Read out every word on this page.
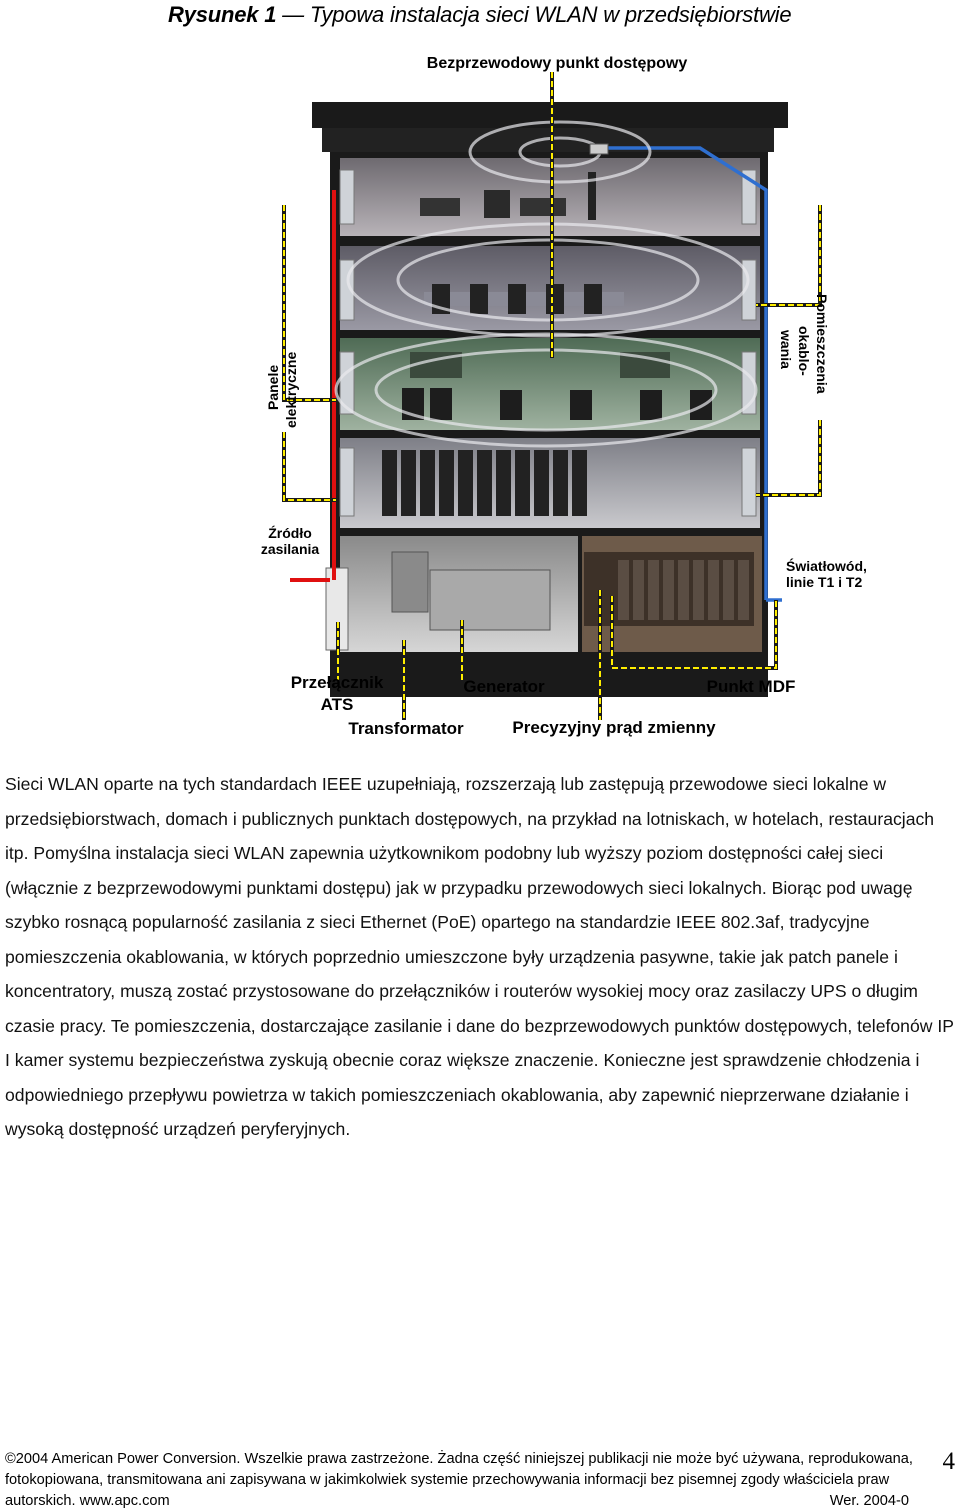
Rysunek 1 — Typowa instalacja sieci WLAN w przedsiębiorstwie
Bezprzewodowy punkt dostępowy
Panele elektryczne	Pomieszczenia
okablo-
wania
Źródło
zasilania
Światłowód,
linie T1 i T2
Przełącznik
ATS
Generator	Punkt MDF
Transformator	Precyzyjny prąd zmienny

Sieci WLAN oparte na tych standardach IEEE uzupełniają, rozszerzają lub zastępują przewodowe sieci lokalne w przedsiębiorstwach, domach i publicznych punktach dostępowych, na przykład na lotniskach, w hotelach, restauracjach itp. Pomyślna instalacja sieci WLAN zapewnia użytkownikom podobny lub wyższy poziom dostępności całej sieci (włącznie z bezprzewodowymi punktami dostępu) jak w przypadku przewodowych sieci lokalnych. Biorąc pod uwagę szybko rosnącą popularność zasilania z sieci Ethernet (PoE) opartego na standardzie IEEE 802.3af, tradycyjne pomieszczenia okablowania, w których poprzednio umieszczone były urządzenia pasywne, takie jak patch panele i koncentratory, muszą zostać przystosowane do przełączników i routerów wysokiej mocy oraz zasilaczy UPS o długim czasie pracy. Te pomieszczenia, dostarczające zasilanie i dane do bezprzewodowych punktów dostępowych, telefonów IP I kamer systemu bezpieczeństwa zyskują obecnie coraz większe znaczenie. Konieczne jest sprawdzenie chłodzenia i odpowiedniego przepływu powietrza w takich pomieszczeniach okablowania, aby zapewnić nieprzerwane działanie i wysoką dostępność urządzeń peryferyjnych.

©2004 American Power Conversion. Wszelkie prawa zastrzeżone. Żadna część niniejszej publikacji nie może być używana, reprodukowana, fotokopiowana, transmitowana ani zapisywana w jakimkolwiek systemie przechowywania informacji bez pisemnej zgody właściciela praw autorskich. www.apc.com	Wer. 2004-0
4
